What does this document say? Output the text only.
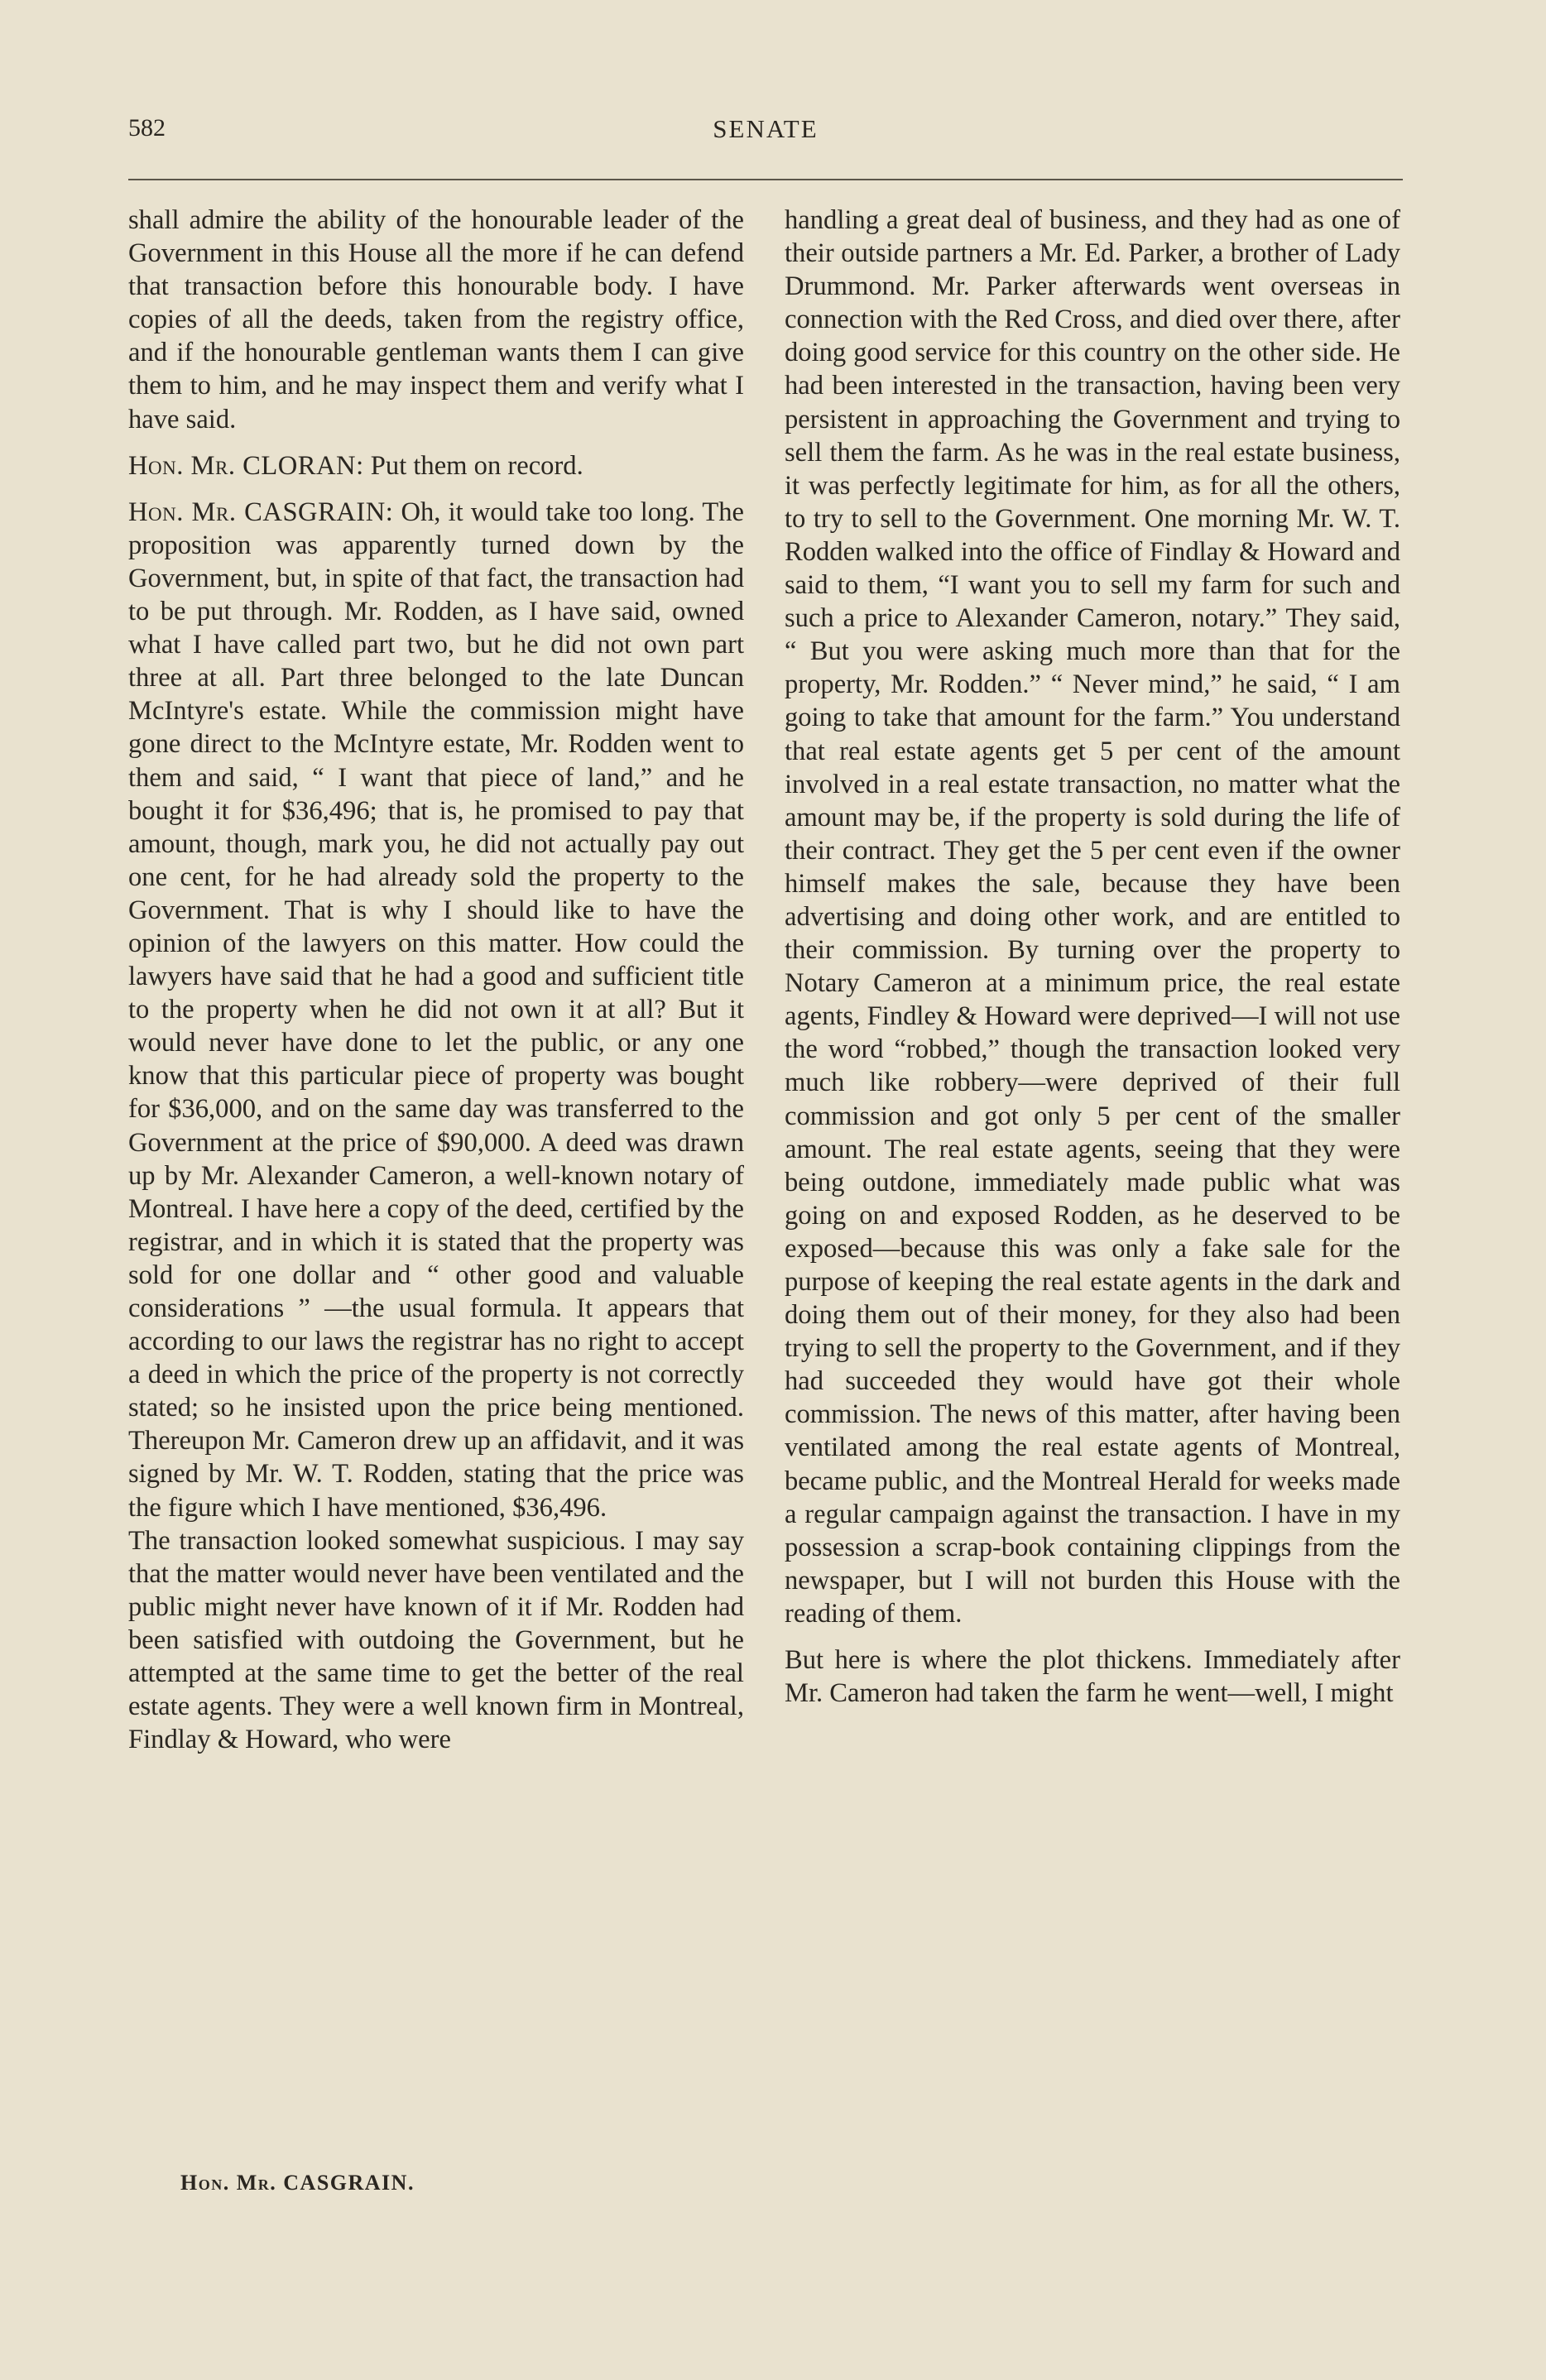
582	SENATE

shall admire the ability of the honourable leader of the Government in this House all the more if he can defend that transaction before this honourable body. I have copies of all the deeds, taken from the registry office, and if the honourable gentleman wants them I can give them to him, and he may inspect them and verify what I have said.

Hon. Mr. CLORAN: Put them on record.

Hon. Mr. CASGRAIN: Oh, it would take too long. The proposition was apparently turned down by the Government, but, in spite of that fact, the transaction had to be put through. Mr. Rodden, as I have said, owned what I have called part two, but he did not own part three at all. Part three belonged to the late Duncan McIntyre's estate. While the commission might have gone direct to the McIntyre estate, Mr. Rodden went to them and said, “ I want that piece of land,” and he bought it for $36,496; that is, he promised to pay that amount, though, mark you, he did not actually pay out one cent, for he had already sold the property to the Government. That is why I should like to have the opinion of the lawyers on this matter. How could the lawyers have said that he had a good and sufficient title to the property when he did not own it at all? But it would never have done to let the public, or any one know that this particular piece of property was bought for $36,000, and on the same day was transferred to the Government at the price of $90,000. A deed was drawn up by Mr. Alexander Cameron, a well-known notary of Montreal. I have here a copy of the deed, certified by the registrar, and in which it is stated that the property was sold for one dollar and “ other good and valuable considerations ” —the usual formula. It appears that according to our laws the registrar has no right to accept a deed in which the price of the property is not correctly stated; so he insisted upon the price being mentioned. Thereupon Mr. Cameron drew up an affidavit, and it was signed by Mr. W. T. Rodden, stating that the price was the figure which I have mentioned, $36,496.

The transaction looked somewhat suspicious. I may say that the matter would never have been ventilated and the public might never have known of it if Mr. Rodden had been satisfied with outdoing the Government, but he attempted at the same time to get the better of the real estate agents. They were a well known firm in Montreal, Findlay & Howard, who were

handling a great deal of business, and they had as one of their outside partners a Mr. Ed. Parker, a brother of Lady Drummond. Mr. Parker afterwards went overseas in connection with the Red Cross, and died over there, after doing good service for this country on the other side. He had been interested in the transaction, having been very persistent in approaching the Government and trying to sell them the farm. As he was in the real estate business, it was perfectly legitimate for him, as for all the others, to try to sell to the Government. One morning Mr. W. T. Rodden walked into the office of Findlay & Howard and said to them, “I want you to sell my farm for such and such a price to Alexander Cameron, notary.” They said, “ But you were asking much more than that for the property, Mr. Rodden.” “ Never mind,” he said, “ I am going to take that amount for the farm.” You understand that real estate agents get 5 per cent of the amount involved in a real estate transaction, no matter what the amount may be, if the property is sold during the life of their contract. They get the 5 per cent even if the owner himself makes the sale, because they have been advertising and doing other work, and are entitled to their commission. By turning over the property to Notary Cameron at a minimum price, the real estate agents, Findley & Howard were deprived—I will not use the word “robbed,” though the transaction looked very much like robbery—were deprived of their full commission and got only 5 per cent of the smaller amount. The real estate agents, seeing that they were being outdone, immediately made public what was going on and exposed Rodden, as he deserved to be exposed—because this was only a fake sale for the purpose of keeping the real estate agents in the dark and doing them out of their money, for they also had been trying to sell the property to the Government, and if they had succeeded they would have got their whole commission. The news of this matter, after having been ventilated among the real estate agents of Montreal, became public, and the Montreal Herald for weeks made a regular campaign against the transaction. I have in my possession a scrap-book containing clippings from the newspaper, but I will not burden this House with the reading of them.

But here is where the plot thickens. Immediately after Mr. Cameron had taken the farm he went—well, I might

Hon. Mr. CASGRAIN.
